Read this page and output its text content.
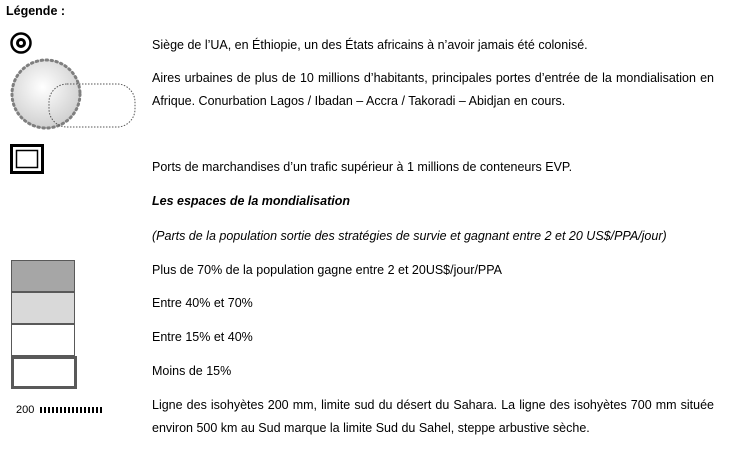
Légende :
Siège de l’UA, en Éthiopie, un des États africains à n’avoir jamais été colonisé.
Aires urbaines de plus de 10 millions d’habitants, principales portes d’entrée de la mondialisation en Afrique. Conurbation Lagos / Ibadan – Accra / Takoradi – Abidjan en cours.
Ports de marchandises d’un trafic supérieur à 1 millions de conteneurs EVP.
Les espaces de la mondialisation
(Parts de la population sortie des stratégies de survie et gagnant entre 2 et 20 US$/PPA/jour)
Plus de 70% de la population gagne entre 2 et 20US$/jour/PPA
Entre 40% et 70%
Entre 15% et 40%
Moins de 15%
200	Ligne des isohyètes 200 mm, limite sud du désert du Sahara. La ligne des isohyètes 700 mm située environ 500 km au Sud marque la limite Sud du Sahel, steppe arbustive sèche.
